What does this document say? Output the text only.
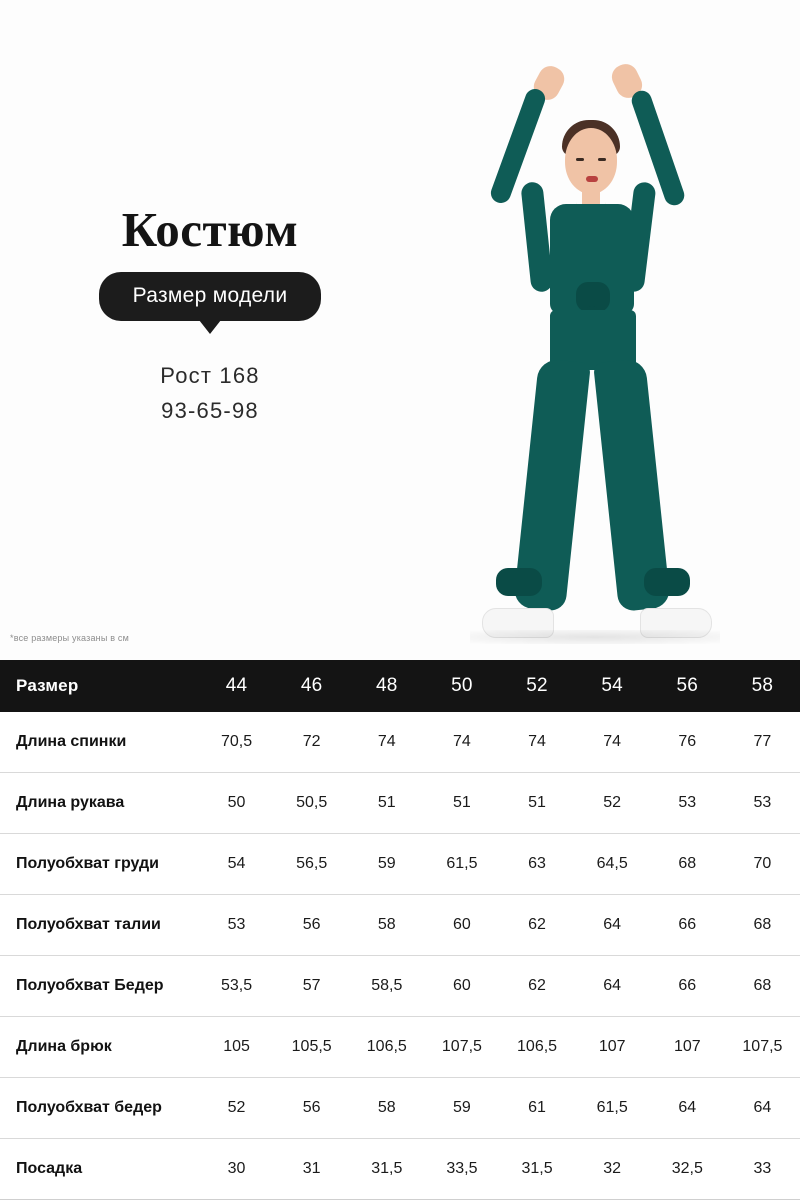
Костюм
Размер модели
Рост 168
93-65-98
*все размеры указаны в см
Размер	44	46	48	50	52	54	56	58
Длина спинки	70,5	72	74	74	74	74	76	77
Длина рукава	50	50,5	51	51	51	52	53	53
Полуобхват груди	54	56,5	59	61,5	63	64,5	68	70
Полуобхват талии	53	56	58	60	62	64	66	68
Полуобхват Бедер	53,5	57	58,5	60	62	64	66	68
Длина брюк	105	105,5	106,5	107,5	106,5	107	107	107,5
Полуобхват бедер	52	56	58	59	61	61,5	64	64
Посадка	30	31	31,5	33,5	31,5	32	32,5	33
